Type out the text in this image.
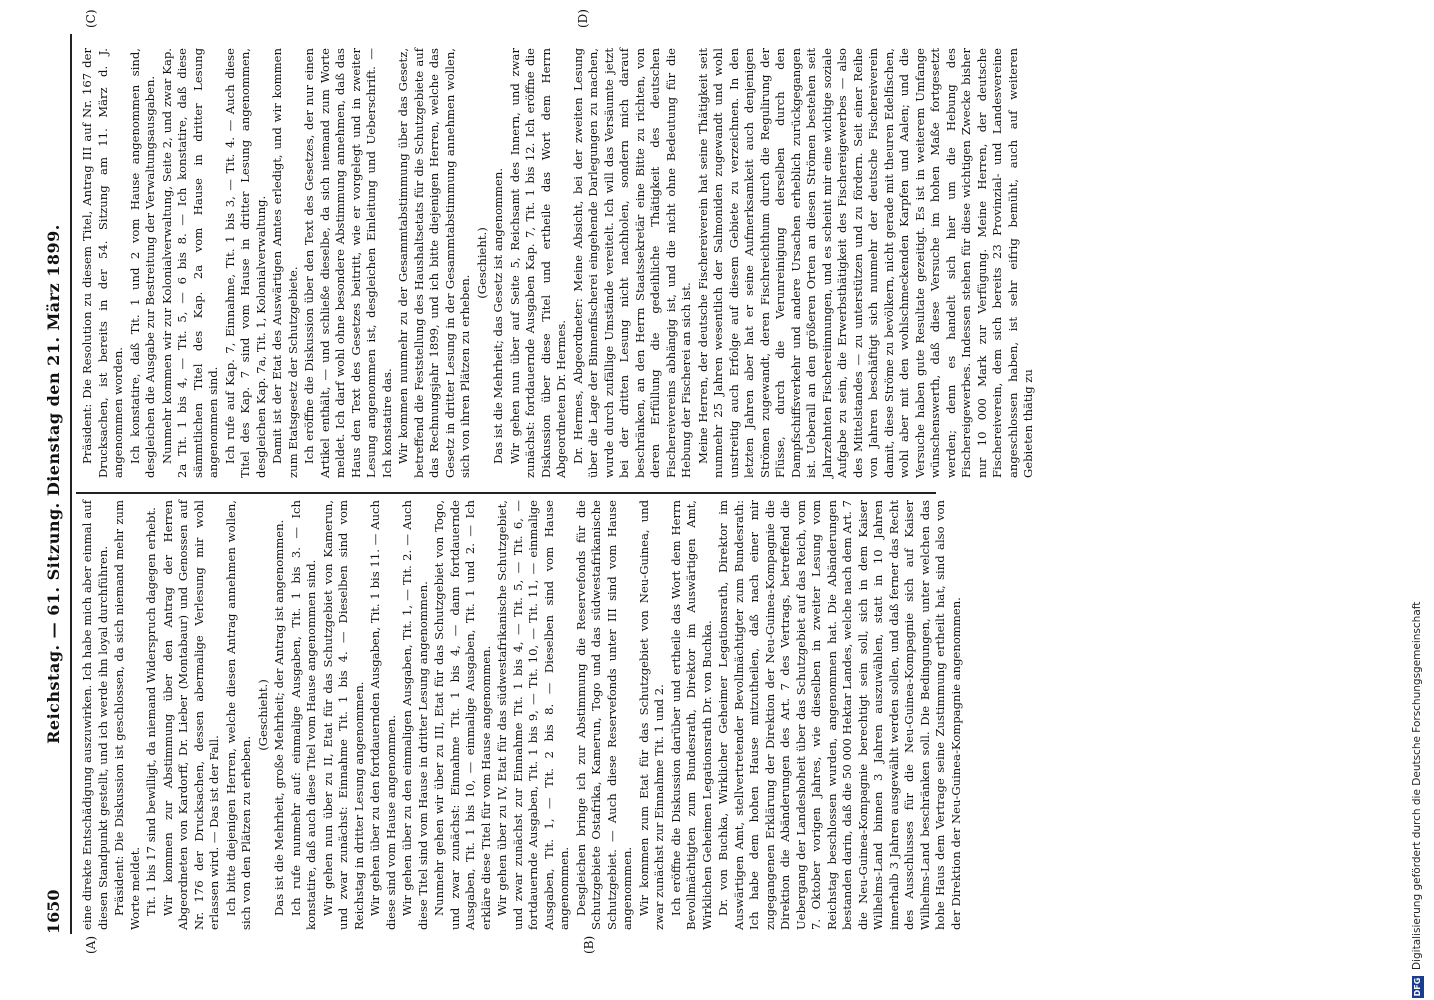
1650
Reichstag. — 61. Sitzung. Dienstag den 21. März 1899.
(A)	(B)
(C)	(D)

eine direkte Entschädigung auszuwirken. Ich habe mich aber einmal auf diesen Standpunkt gestellt, und ich werde ihn loyal durchführen. Präsident: Die Diskussion ist geschlossen, da sich niemand mehr zum Worte meldet. Tit. 1 bis 17 sind bewilligt, da niemand Widerspruch dagegen erhebt. Wir kommen zur Abstimmung über den Antrag der Herren Abgeordneten von Kardorff, Dr. Lieber (Montabaur) und Genossen auf Nr. 176 der Drucksachen, dessen abermalige Verlesung mir wohl erlassen wird. — Das ist der Fall. Ich bitte diejenigen Herren, welche diesen Antrag annehmen wollen, sich von den Plätzen zu erheben.

(Geschieht.) Das ist die Mehrheit, große Mehrheit; der Antrag ist angenommen. Ich rufe nunmehr auf: einmalige Ausgaben, Tit. 1 bis 3. — Ich konstatire, daß auch diese Titel vom Hause angenommen sind. Wir gehen nun über zu II, Etat für das Schutzgebiet von Kamerun, und zwar zunächst: Einnahme Tit. 1 bis 4. — Dieselben sind vom Reichstag in dritter Lesung angenommen. Wir gehen über zu den fortdauernden Ausgaben, Tit. 1 bis 11. — Auch diese sind vom Hause angenommen. Wir gehen über zu den einmaligen Ausgaben, Tit. 1, — Tit. 2. — Auch diese Titel sind vom Hause in dritter Lesung angenommen. Nunmehr gehen wir über zu III, Etat für das Schutzgebiet von Togo, und zwar zunächst: Einnahme Tit. 1 bis 4, — dann fortdauernde Ausgaben, Tit. 1 bis 10, — einmalige Ausgaben, Tit. 1 und 2. — Ich erkläre diese Titel für vom Hause angenommen. Wir gehen über zu IV, Etat für das südwestafrikanische Schutzgebiet, und zwar zunächst zur Einnahme Tit. 1 bis 4, — Tit. 5, — Tit. 6, — fortdauernde Ausgaben, Tit. 1 bis 9, — Tit. 10, — Tit. 11, — einmalige Ausgaben, Tit. 1, — Tit. 2 bis 8. — Dieselben sind vom Hause angenommen. Desgleichen bringe ich zur Abstimmung die Reservefonds für die Schutzgebiete Ostafrika, Kamerun, Togo und das südwestafrikanische Schutzgebiet. — Auch diese Reservefonds unter III sind vom Hause angenommen. Wir kommen zum Etat für das Schutzgebiet von Neu-Guinea, und zwar zunächst zur Einnahme Tit. 1 und 2. Ich eröffne die Diskussion darüber und ertheile das Wort dem Herrn Bevollmächtigten zum Bundesrath, Direktor im Auswärtigen Amt, Wirklichen Geheimen Legationsrath Dr. von Buchka. Dr. von Buchka, Wirklicher Geheimer Legationsrath, Direktor im Auswärtigen Amt, stellvertretender Bevollmächtigter zum Bundesrath: Ich habe dem hohen Hause mitzutheilen, daß nach einer mir zugegangenen Erklärung der Direktion der Neu-Guinea-Kompagnie die Direktion die Abänderungen des Art. 7 des Vertrags, betreffend die Uebergang der Landeshoheit über das Schutzgebiet auf das Reich, vom 7. Oktober vorigen Jahres, wie dieselben in zweiter Lesung vom Reichstag beschlossen wurden, angenommen hat. Die Abänderungen bestanden darin, daß die 50 000 Hektar Landes, welche nach dem Art. 7 die Neu-Guinea-Kompagnie berechtigt sein soll, sich in dem Kaiser Wilhelms-Land binnen 3 Jahren auszuwählen, statt in 10 Jahren innerhalb 3 Jahren ausgewählt werden sollen, und daß ferner das Recht des Ausschlusses für die Neu-Guinea-Kompagnie sich auf Kaiser Wilhelms-Land beschränken soll. Die Bedingungen, unter welchen das hohe Haus dem Vertrage seine Zustimmung ertheilt hat, sind also von der Direktion der Neu-Guinea-Kompagnie angenommen.

Präsident: Die Resolution zu diesem Titel, Antrag III auf Nr. 167 der Drucksachen, ist bereits in der 54. Sitzung am 11. März d. J. angenommen worden. Ich konstatire, daß Tit. 1 und 2 vom Hause angenommen sind, desgleichen die Ausgabe zur Bestreitung der Verwaltungsausgaben. Nunmehr kommen wir zur Kolonialverwaltung, Seite 2, und zwar Kap. 2a Tit. 1 bis 4, — Tit. 5, — 6 bis 8. — Ich konstatire, daß diese sämmtlichen Titel des Kap. 2a vom Hause in dritter Lesung angenommen sind. Ich rufe auf Kap. 7, Einnahme, Tit. 1 bis 3, — Tit. 4. — Auch diese Titel des Kap. 7 sind vom Hause in dritter Lesung angenommen, desgleichen Kap. 7a, Tit. 1, Kolonialverwaltung. Damit ist der Etat des Auswärtigen Amtes erledigt, und wir kommen zum Etatsgesetz der Schutzgebiete. Ich eröffne die Diskussion über den Text des Gesetzes, der nur einen Artikel enthält, — und schließe dieselbe, da sich niemand zum Worte meldet. Ich darf wohl ohne besondere Abstimmung annehmen, daß das Haus den Text des Gesetzes beitritt, wie er vorgelegt und in zweiter Lesung angenommen ist, desgleichen Einleitung und Ueberschrift. — Ich konstatire das. Wir kommen nunmehr zu der Gesammtabstimmung über das Gesetz, betreffend die Feststellung des Haushaltsetats für die Schutzgebiete auf das Rechnungsjahr 1899, und ich bitte diejenigen Herren, welche das Gesetz in dritter Lesung in der Gesammtabstimmung annehmen wollen, sich von ihren Plätzen zu erheben.

(Geschieht.) Das ist die Mehrheit; das Gesetz ist angenommen. Wir gehen nun über auf Seite 5, Reichsamt des Innern, und zwar zunächst: fortdauernde Ausgaben Kap. 7, Tit. 1 bis 12. Ich eröffne die Diskussion über diese Titel und ertheile das Wort dem Herrn Abgeordneten Dr. Hermes. Dr. Hermes, Abgeordneter: Meine Absicht, bei der zweiten Lesung über die Lage der Binnenfischerei eingehende Darlegungen zu machen, wurde durch zufällige Umstände vereitelt. Ich will das Versäumte jetzt bei der dritten Lesung nicht nachholen, sondern mich darauf beschränken, an den Herrn Staatssekretär eine Bitte zu richten, von deren Erfüllung die gedeihliche Thätigkeit des deutschen Fischereivereins abhängig ist, und die nicht ohne Bedeutung für die Hebung der Fischerei an sich ist. Meine Herren, der deutsche Fischereiverein hat seine Thätigkeit seit nunmehr 25 Jahren wesentlich der Salmoniden zugewandt und wohl unstreitig auch Erfolge auf diesem Gebiete zu verzeichnen. In den letzten Jahren aber hat er seine Aufmerksamkeit auch denjenigen Strömen zugewandt, deren Fischreichthum durch die Regulirung der Flüsse, durch die Verunreinigung derselben durch den Dampfschiffsverkehr und andere Ursachen erheblich zurückgegangen ist. Ueberall an den größeren Orten an diesen Strömen bestehen seit Jahrzehnten Fischereiinnungen, und es scheint mir eine wichtige soziale Aufgabe zu sein, die Erwerbsthätigkeit des Fischereigewerbes — also des Mittelstandes — zu unterstützen und zu fördern. Seit einer Reihe von Jahren beschäftigt sich nunmehr der deutsche Fischereiverein damit, diese Ströme zu bevölkern, nicht gerade mit theuren Edelfischen, wohl aber mit den wohlschmeckenden Karpfen und Aalen; und die Versuche haben gute Resultate gezeitigt. Es ist in weiterem Umfange wünschenswerth, daß diese Versuche im hohen Maße fortgesetzt werden; denn es handelt sich hier um die Hebung des Fischereigewerbes. Indessen stehen für diese wichtigen Zwecke bisher nur 10 000 Mark zur Verfügung. Meine Herren, der deutsche Fischereiverein, dem sich bereits 23 Provinzial- und Landesvereine angeschlossen haben, ist sehr eifrig bemüht, auch auf weiteren Gebieten thätig zu

DFG
Digitalisierung gefördert durch die Deutsche Forschungsgemeinschaft
